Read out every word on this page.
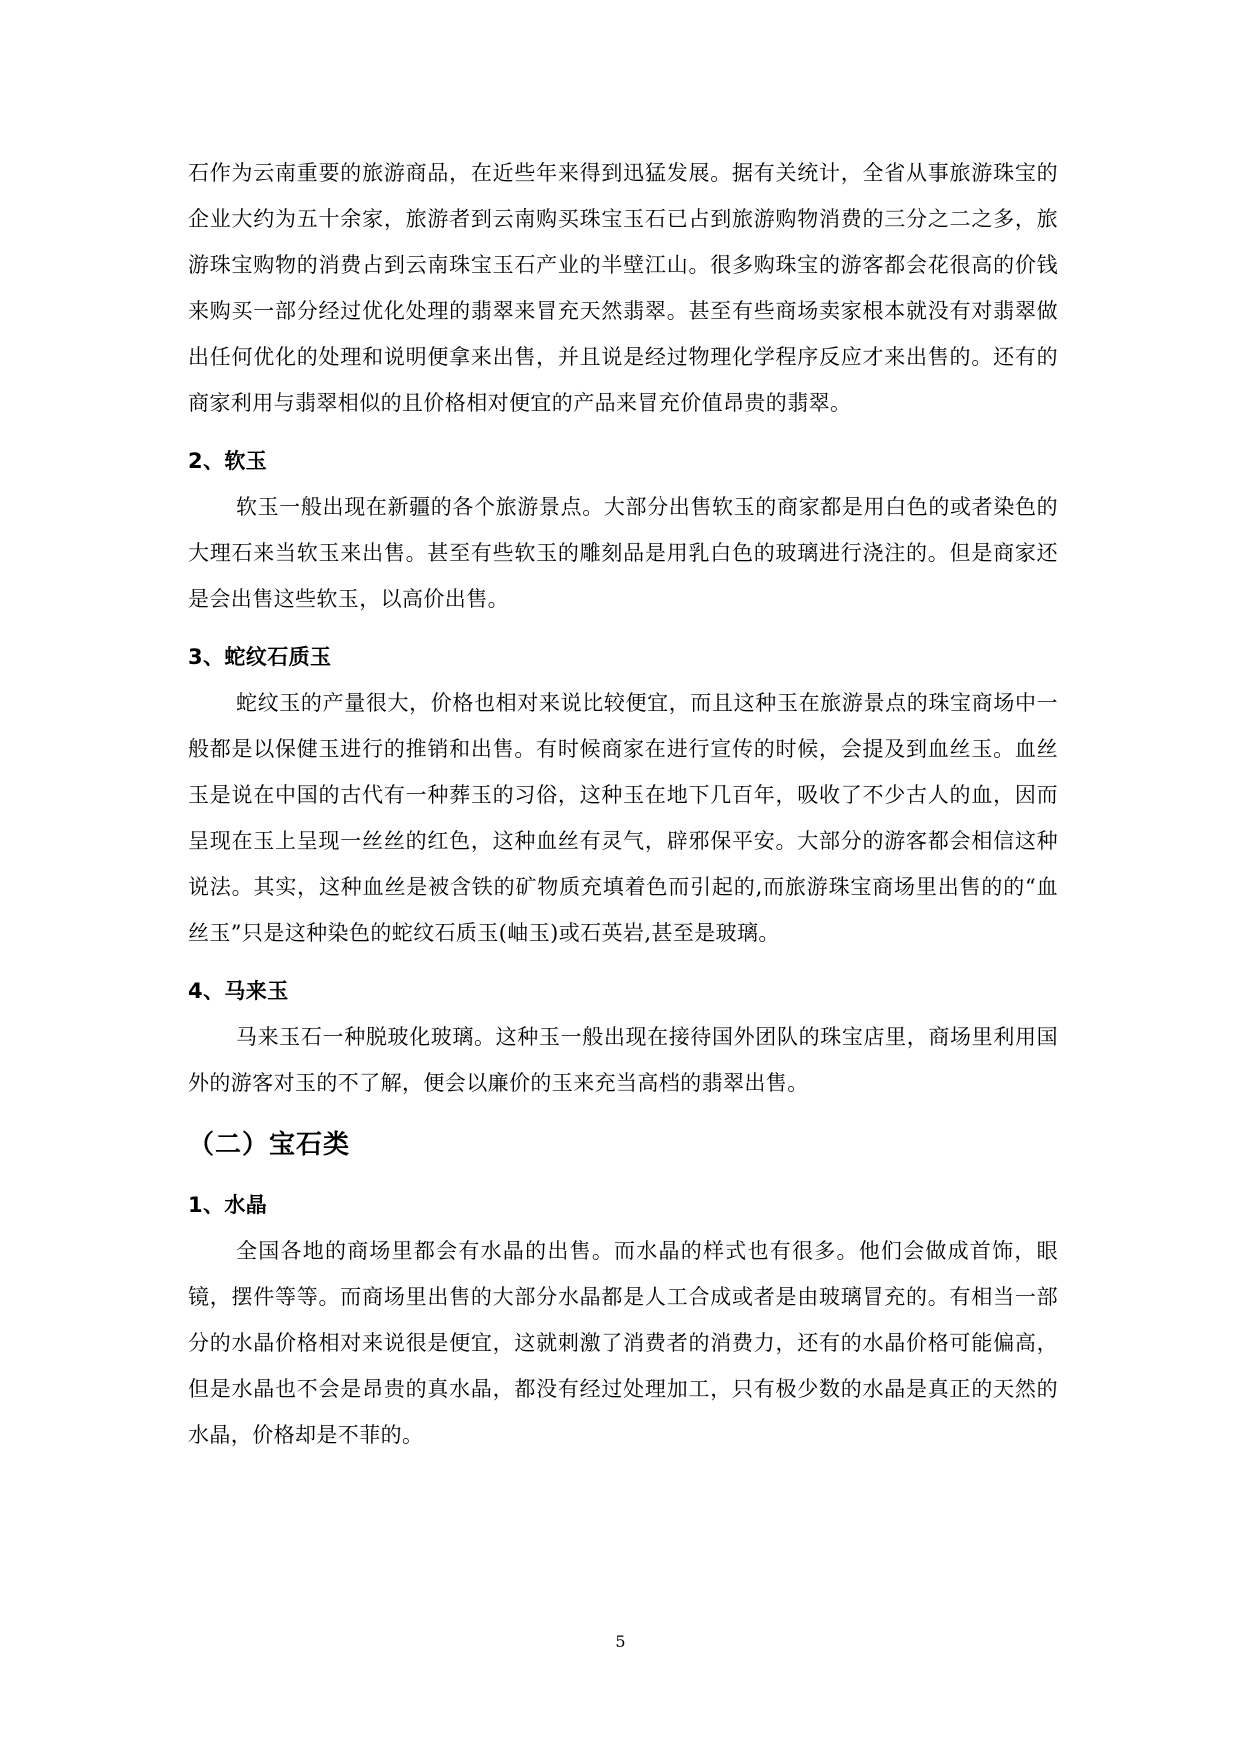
石作为云南重要的旅游商品，在近些年来得到迅猛发展。据有关统计，全省从事旅游珠宝的企业大约为五十余家，旅游者到云南购买珠宝玉石已占到旅游购物消费的三分之二之多，旅游珠宝购物的消费占到云南珠宝玉石产业的半壁江山。很多购珠宝的游客都会花很高的价钱来购买一部分经过优化处理的翡翠来冒充天然翡翠。甚至有些商场卖家根本就没有对翡翠做出任何优化的处理和说明便拿来出售，并且说是经过物理化学程序反应才来出售的。还有的商家利用与翡翠相似的且价格相对便宜的产品来冒充价值昂贵的翡翠。

2、软玉

软玉一般出现在新疆的各个旅游景点。大部分出售软玉的商家都是用白色的或者染色的大理石来当软玉来出售。甚至有些软玉的雕刻品是用乳白色的玻璃进行浇注的。但是商家还是会出售这些软玉，以高价出售。

3、蛇纹石质玉

蛇纹玉的产量很大，价格也相对来说比较便宜，而且这种玉在旅游景点的珠宝商场中一般都是以保健玉进行的推销和出售。有时候商家在进行宣传的时候，会提及到血丝玉。血丝玉是说在中国的古代有一种葬玉的习俗，这种玉在地下几百年，吸收了不少古人的血，因而呈现在玉上呈现一丝丝的红色，这种血丝有灵气，辟邪保平安。大部分的游客都会相信这种说法。其实，这种血丝是被含铁的矿物质充填着色而引起的,而旅游珠宝商场里出售的的“血丝玉”只是这种染色的蛇纹石质玉(岫玉)或石英岩,甚至是玻璃。

4、马来玉

马来玉石一种脱玻化玻璃。这种玉一般出现在接待国外团队的珠宝店里，商场里利用国外的游客对玉的不了解，便会以廉价的玉来充当高档的翡翠出售。

（二）宝石类
1、水晶

全国各地的商场里都会有水晶的出售。而水晶的样式也有很多。他们会做成首饰，眼镜，摆件等等。而商场里出售的大部分水晶都是人工合成或者是由玻璃冒充的。有相当一部分的水晶价格相对来说很是便宜，这就刺激了消费者的消费力，还有的水晶价格可能偏高，但是水晶也不会是昂贵的真水晶，都没有经过处理加工，只有极少数的水晶是真正的天然的水晶，价格却是不菲的。

5
